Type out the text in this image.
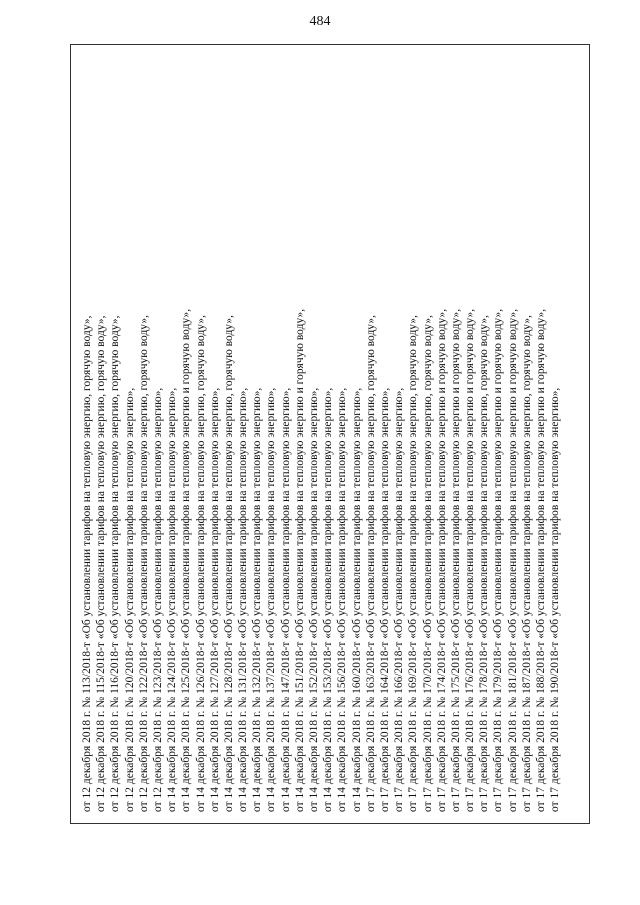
484
от 12 декабря 2018 г. № 113/2018-т «Об установлении тарифов на тепловую энергию, горячую воду», от 12 декабря 2018 г. № 115/2018-т «Об установлении тарифов на тепловую энергию, горячую воду», от 12 декабря 2018 г. № 116/2018-т «Об установлении тарифов на тепловую энергию, горячую воду», от 12 декабря 2018 г. № 120/2018-т «Об установлении тарифов на тепловую энергию», от 12 декабря 2018 г. № 122/2018-т «Об установлении тарифов на тепловую энергию, горячую воду», от 12 декабря 2018 г. № 123/2018-т «Об установлении тарифов на тепловую энергию», от 14 декабря 2018 г. № 124/2018-т «Об установлении тарифов на тепловую энергию», от 14 декабря 2018 г. № 125/2018-т «Об установлении тарифов на тепловую энергию и горячую воду», от 14 декабря 2018 г. № 126/2018-т «Об установлении тарифов на тепловую энергию, горячую воду», от 14 декабря 2018 г. № 127/2018-т «Об установлении тарифов на тепловую энергию», от 14 декабря 2018 г. № 128/2018-т «Об установлении тарифов на тепловую энергию, горячую воду», от 14 декабря 2018 г. № 131/2018-т «Об установлении тарифов на тепловую энергию», от 14 декабря 2018 г. № 132/2018-т «Об установлении тарифов на тепловую энергию», от 14 декабря 2018 г. № 137/2018-т «Об установлении тарифов на тепловую энергию», от 14 декабря 2018 г. № 147/2018-т «Об установлении тарифов на тепловую энергию», от 14 декабря 2018 г. № 151/2018-т «Об установлении тарифов на тепловую энергию и горячую воду», от 14 декабря 2018 г. № 152/2018-т «Об установлении тарифов на тепловую энергию», от 14 декабря 2018 г. № 153/2018-т «Об установлении тарифов на тепловую энергию», от 14 декабря 2018 г. № 156/2018-т «Об установлении тарифов на тепловую энергию», от 14 декабря 2018 г. № 160/2018-т «Об установлении тарифов на тепловую энергию», от 17 декабря 2018 г. № 163/2018-т «Об установлении тарифов на тепловую энергию, горячую воду», от 17 декабря 2018 г. № 164/2018-т «Об установлении тарифов на тепловую энергию», от 17 декабря 2018 г. № 166/2018-т «Об установлении тарифов на тепловую энергию», от 17 декабря 2018 г. № 169/2018-т «Об установлении тарифов на тепловую энергию, горячую воду», от 17 декабря 2018 г. № 170/2018-т «Об установлении тарифов на тепловую энергию, горячую воду», от 17 декабря 2018 г. № 174/2018-т «Об установлении тарифов на тепловую энергию и горячую воду», от 17 декабря 2018 г. № 175/2018-т «Об установлении тарифов на тепловую энергию и горячую воду», от 17 декабря 2018 г. № 176/2018-т «Об установлении тарифов на тепловую энергию и горячую воду», от 17 декабря 2018 г. № 178/2018-т «Об установлении тарифов на тепловую энергию, горячую воду», от 17 декабря 2018 г. № 179/2018-т «Об установлении тарифов на тепловую энергию и горячую воду», от 17 декабря 2018 г. № 181/2018-т «Об установлении тарифов на тепловую энергию и горячую воду», от 17 декабря 2018 г. № 187/2018-т «Об установлении тарифов на тепловую энергию, горячую воду», от 17 декабря 2018 г. № 188/2018-т «Об установлении тарифов на тепловую энергию и горячую воду», от 17 декабря 2018 г. № 190/2018-т «Об установлении тарифов на тепловую энергию»,
